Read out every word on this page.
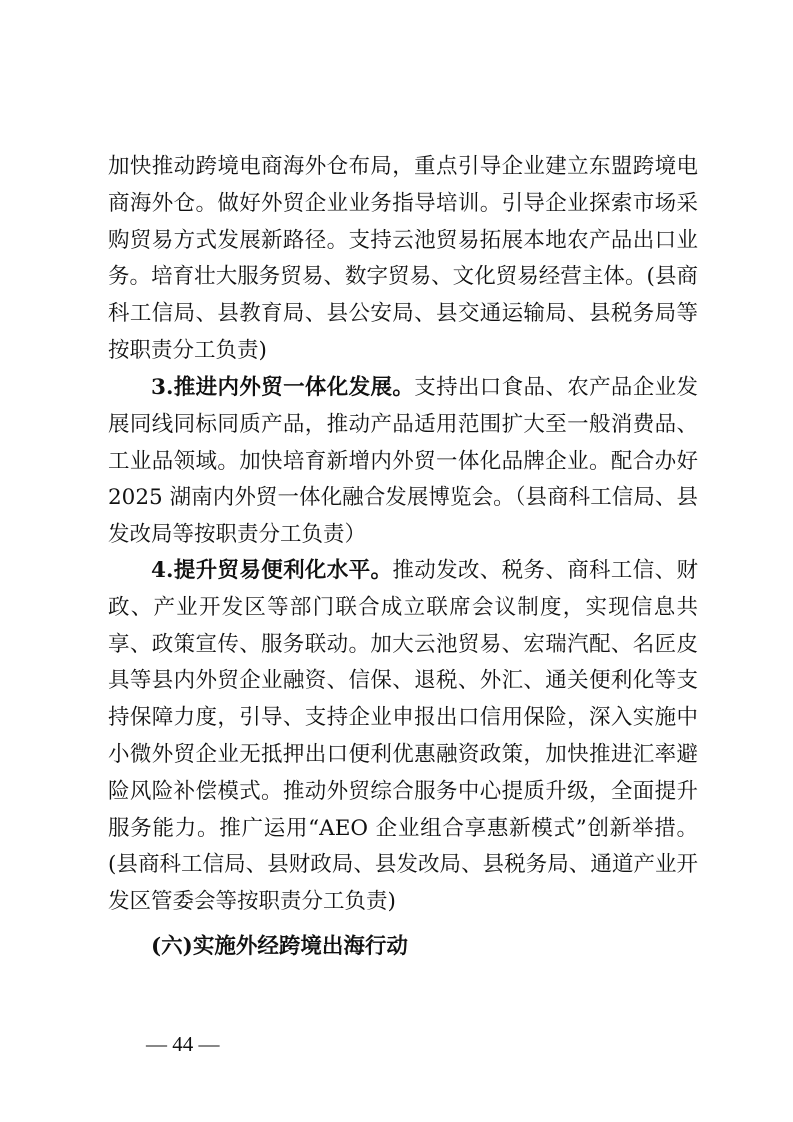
加快推动跨境电商海外仓布局，重点引导企业建立东盟跨境电商海外仓。做好外贸企业业务指导培训。引导企业探索市场采购贸易方式发展新路径。支持云池贸易拓展本地农产品出口业务。培育壮大服务贸易、数字贸易、文化贸易经营主体。(县商科工信局、县教育局、县公安局、县交通运输局、县税务局等按职责分工负责)

3.推进内外贸一体化发展。支持出口食品、农产品企业发展同线同标同质产品，推动产品适用范围扩大至一般消费品、工业品领域。加快培育新增内外贸一体化品牌企业。配合办好2025 湖南内外贸一体化融合发展博览会。（县商科工信局、县发改局等按职责分工负责）

4.提升贸易便利化水平。推动发改、税务、商科工信、财政、产业开发区等部门联合成立联席会议制度，实现信息共享、政策宣传、服务联动。加大云池贸易、宏瑞汽配、名匠皮具等县内外贸企业融资、信保、退税、外汇、通关便利化等支持保障力度，引导、支持企业申报出口信用保险，深入实施中小微外贸企业无抵押出口便利优惠融资政策，加快推进汇率避险风险补偿模式。推动外贸综合服务中心提质升级，全面提升服务能力。推广运用“AEO 企业组合享惠新模式”创新举措。(县商科工信局、县财政局、县发改局、县税务局、通道产业开发区管委会等按职责分工负责)

(六)实施外经跨境出海行动

— 44 —
